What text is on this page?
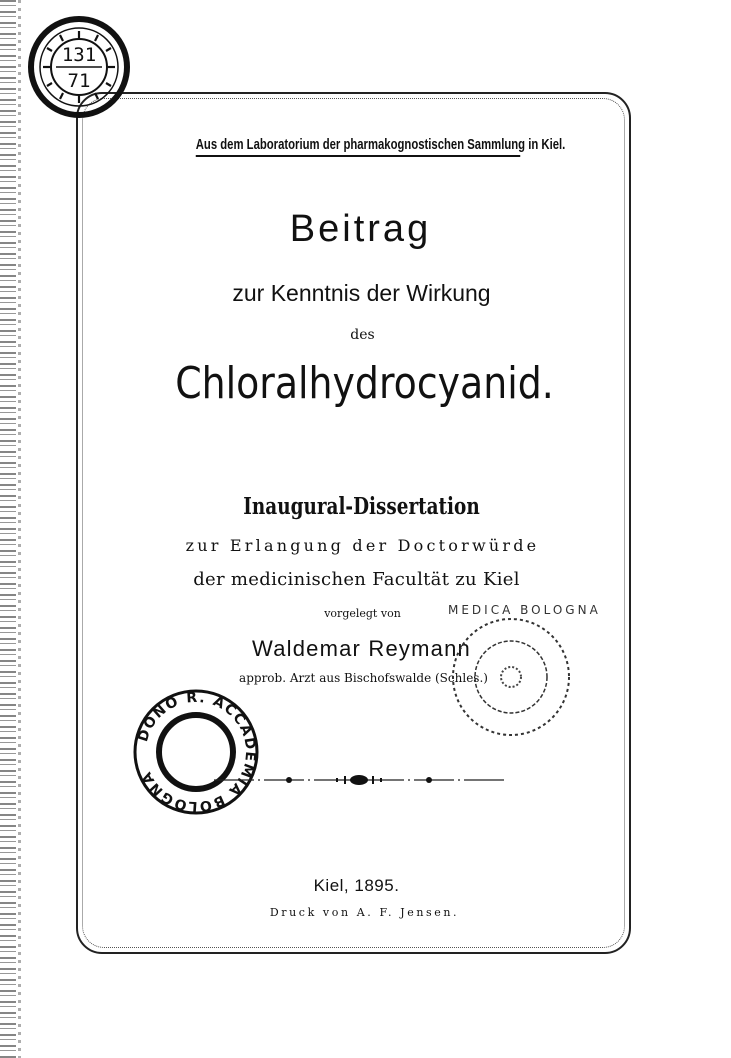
131
71
Aus dem Laboratorium der pharmakognostischen Sammlung in Kiel.
Beitrag
zur Kenntnis der Wirkung
des
Chloralhydrocyanid.
Inaugural-Dissertation
zur Erlangung der Doctorwürde
der medicinischen Facultät zu Kiel
vorgelegt von
Waldemar Reymann
approb. Arzt aus Bischofswalde (Schles.)
MEDICA BOLOGNA
DONO R. ACCADEMIA BOLOGNA
Kiel, 1895.
Druck von A. F. Jensen.
